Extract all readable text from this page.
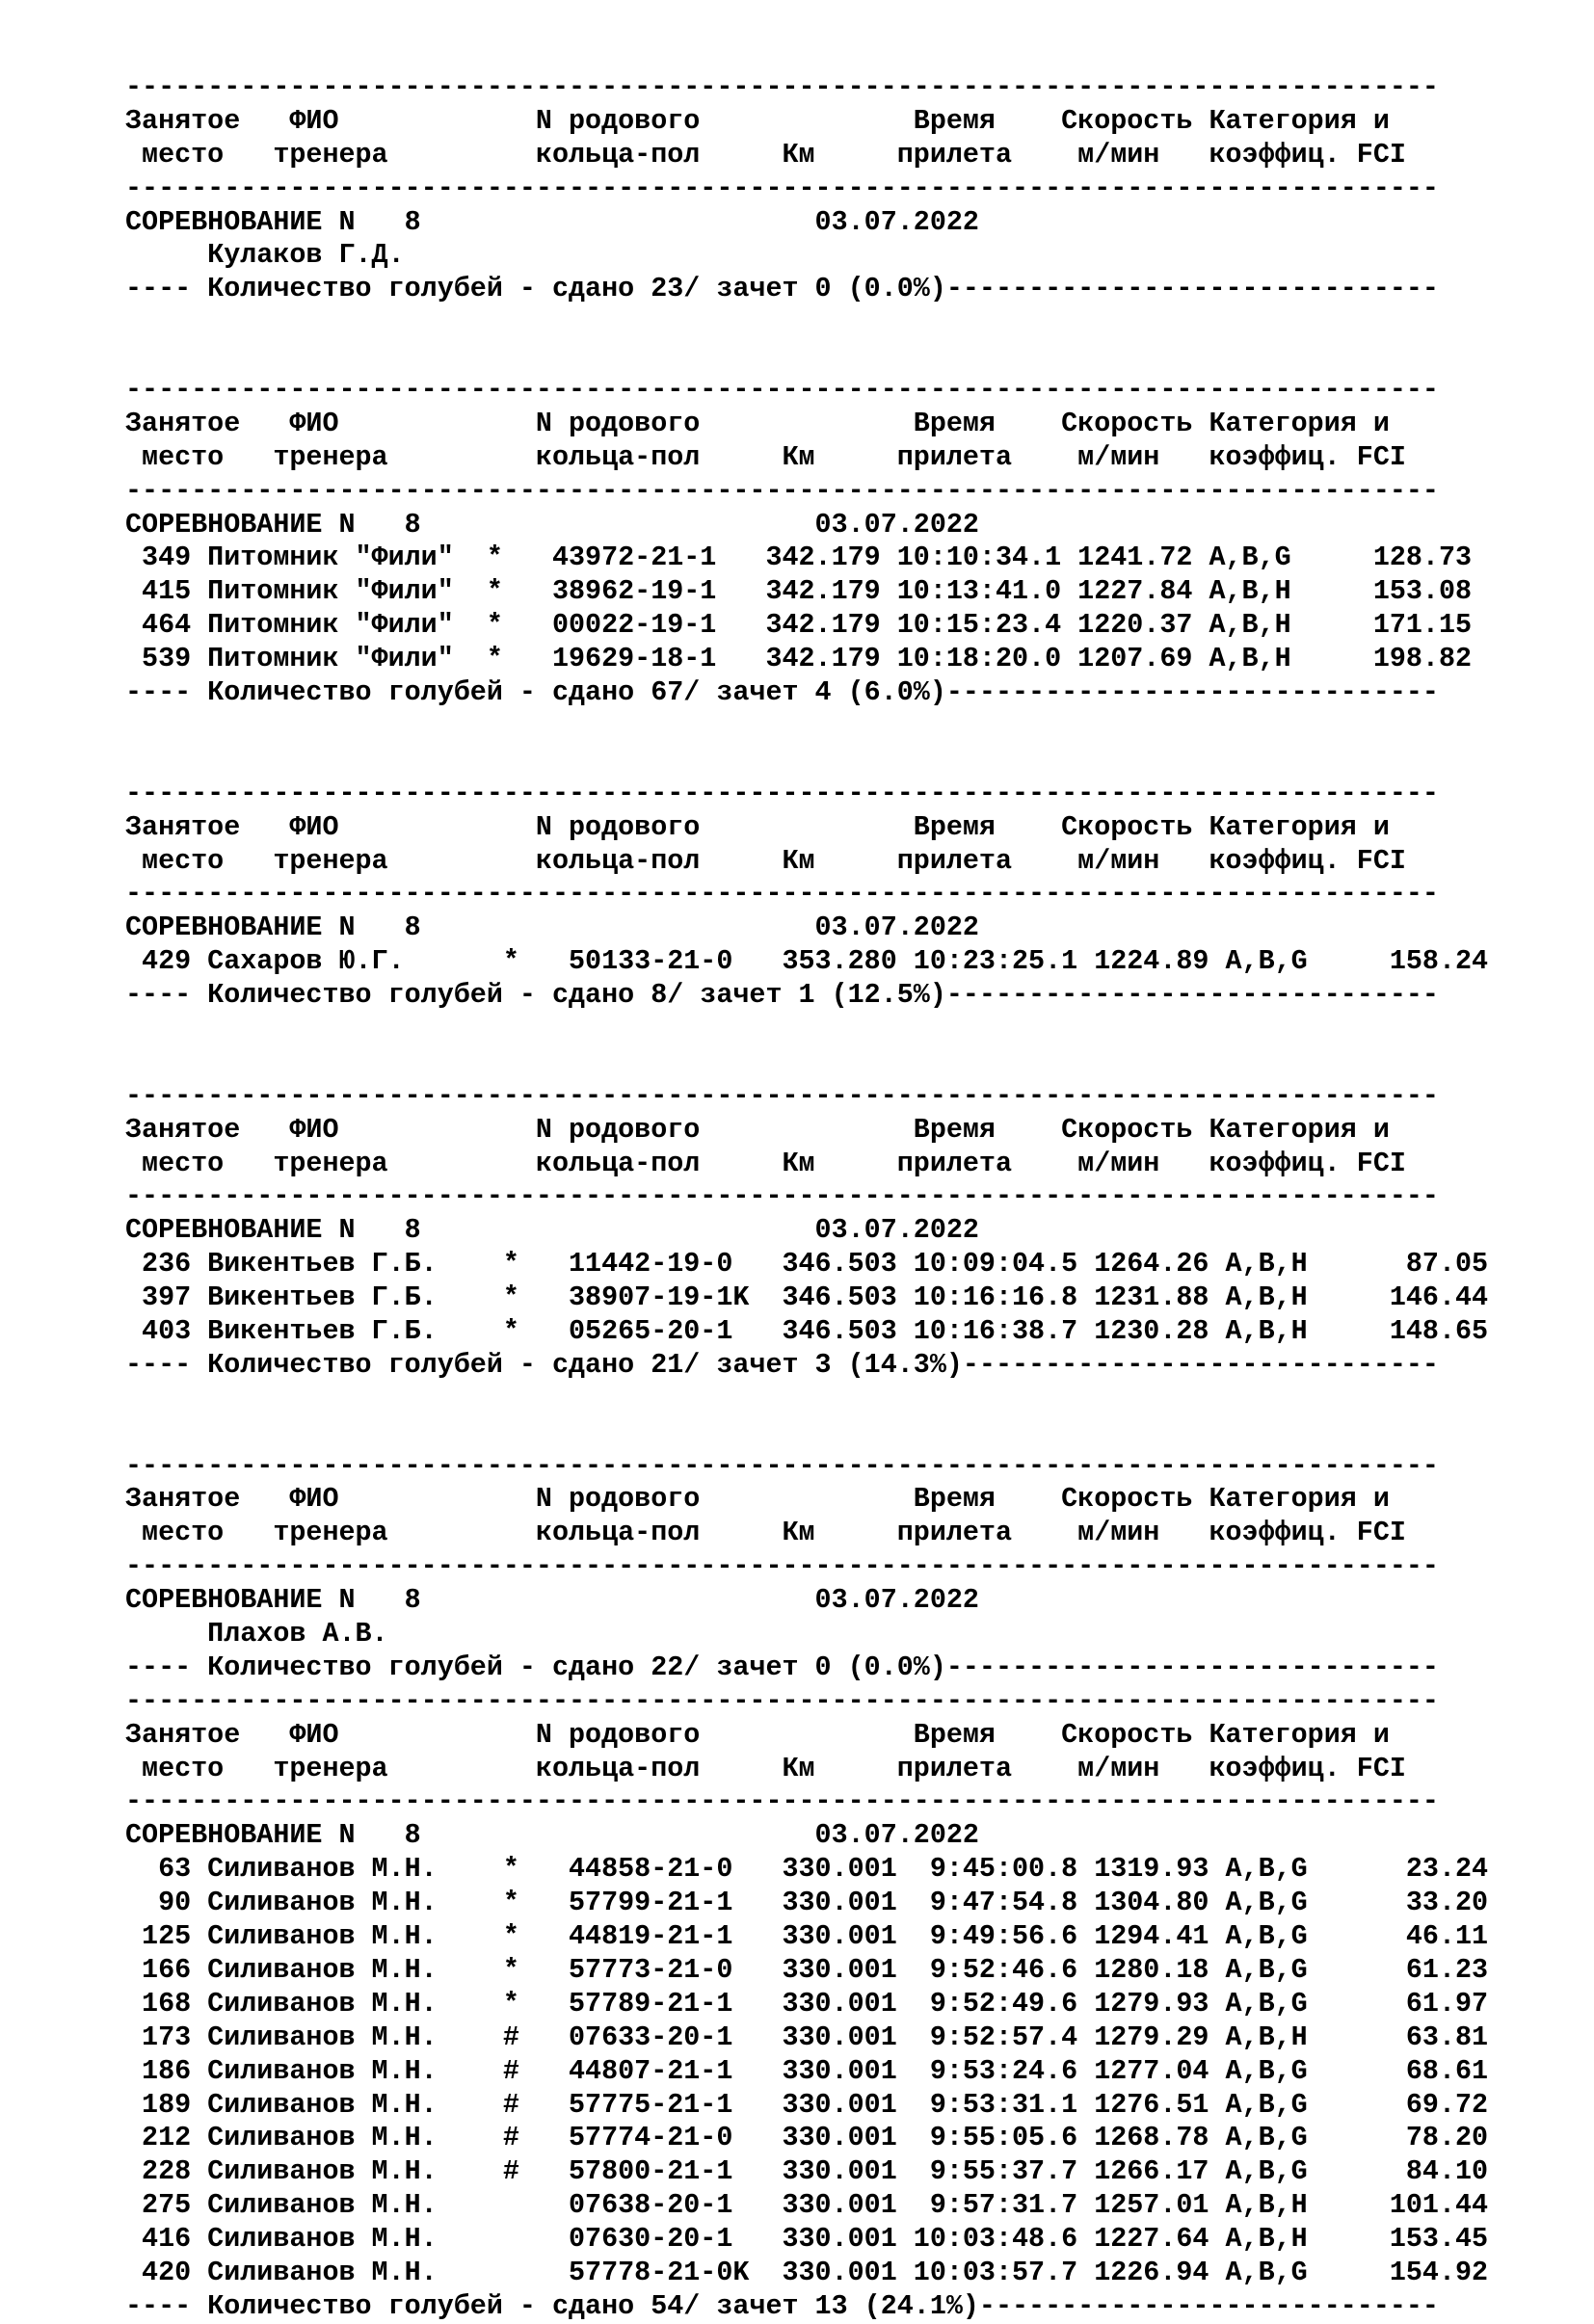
--------------------------------------------------------------------------------
Занятое   ФИО            N родового             Время    Скорость Категория и
место   тренера         кольца-пол     Км     прилета    м/мин   коэффиц. FCI
--------------------------------------------------------------------------------
СОРЕВНОВАНИЕ N   8                        03.07.2022
Кулаков Г.Д.
---- Количество голубей - сдано 23/ зачет 0 (0.0%)------------------------------
--------------------------------------------------------------------------------
Занятое   ФИО            N родового             Время    Скорость Категория и
место   тренера         кольца-пол     Км     прилета    м/мин   коэффиц. FCI
--------------------------------------------------------------------------------
СОРЕВНОВАНИЕ N   8                        03.07.2022
349 Питомник "Фили"  *   43972-21-1   342.179 10:10:34.1 1241.72 A,B,G     128.73
415 Питомник "Фили"  *   38962-19-1   342.179 10:13:41.0 1227.84 A,B,H     153.08
464 Питомник "Фили"  *   00022-19-1   342.179 10:15:23.4 1220.37 A,B,H     171.15
539 Питомник "Фили"  *   19629-18-1   342.179 10:18:20.0 1207.69 A,B,H     198.82
---- Количество голубей - сдано 67/ зачет 4 (6.0%)------------------------------
--------------------------------------------------------------------------------
Занятое   ФИО            N родового             Время    Скорость Категория и
место   тренера         кольца-пол     Км     прилета    м/мин   коэффиц. FCI
--------------------------------------------------------------------------------
СОРЕВНОВАНИЕ N   8                        03.07.2022
429 Сахаров Ю.Г.      *   50133-21-0   353.280 10:23:25.1 1224.89 A,B,G     158.24
---- Количество голубей - сдано 8/ зачет 1 (12.5%)------------------------------
--------------------------------------------------------------------------------
Занятое   ФИО            N родового             Время    Скорость Категория и
место   тренера         кольца-пол     Км     прилета    м/мин   коэффиц. FCI
--------------------------------------------------------------------------------
СОРЕВНОВАНИЕ N   8                        03.07.2022
236 Викентьев Г.Б.    *   11442-19-0   346.503 10:09:04.5 1264.26 A,B,H      87.05
397 Викентьев Г.Б.    *   38907-19-1K  346.503 10:16:16.8 1231.88 A,B,H     146.44
403 Викентьев Г.Б.    *   05265-20-1   346.503 10:16:38.7 1230.28 A,B,H     148.65
---- Количество голубей - сдано 21/ зачет 3 (14.3%)-----------------------------
--------------------------------------------------------------------------------
Занятое   ФИО            N родового             Время    Скорость Категория и
место   тренера         кольца-пол     Км     прилета    м/мин   коэффиц. FCI
--------------------------------------------------------------------------------
СОРЕВНОВАНИЕ N   8                        03.07.2022
Плахов А.В.
---- Количество голубей - сдано 22/ зачет 0 (0.0%)------------------------------
--------------------------------------------------------------------------------
Занятое   ФИО            N родового             Время    Скорость Категория и
место   тренера         кольца-пол     Км     прилета    м/мин   коэффиц. FCI
--------------------------------------------------------------------------------
СОРЕВНОВАНИЕ N   8                        03.07.2022
63 Силиванов М.Н.    *   44858-21-0   330.001  9:45:00.8 1319.93 A,B,G      23.24
90 Силиванов М.Н.    *   57799-21-1   330.001  9:47:54.8 1304.80 A,B,G      33.20
125 Силиванов М.Н.    *   44819-21-1   330.001  9:49:56.6 1294.41 A,B,G      46.11
166 Силиванов М.Н.    *   57773-21-0   330.001  9:52:46.6 1280.18 A,B,G      61.23
168 Силиванов М.Н.    *   57789-21-1   330.001  9:52:49.6 1279.93 A,B,G      61.97
173 Силиванов М.Н.    #   07633-20-1   330.001  9:52:57.4 1279.29 A,B,H      63.81
186 Силиванов М.Н.    #   44807-21-1   330.001  9:53:24.6 1277.04 A,B,G      68.61
189 Силиванов М.Н.    #   57775-21-1   330.001  9:53:31.1 1276.51 A,B,G      69.72
212 Силиванов М.Н.    #   57774-21-0   330.001  9:55:05.6 1268.78 A,B,G      78.20
228 Силиванов М.Н.    #   57800-21-1   330.001  9:55:37.7 1266.17 A,B,G      84.10
275 Силиванов М.Н.        07638-20-1   330.001  9:57:31.7 1257.01 A,B,H     101.44
416 Силиванов М.Н.        07630-20-1   330.001 10:03:48.6 1227.64 A,B,H     153.45
420 Силиванов М.Н.        57778-21-0K  330.001 10:03:57.7 1226.94 A,B,G     154.92
---- Количество голубей - сдано 54/ зачет 13 (24.1%)----------------------------
